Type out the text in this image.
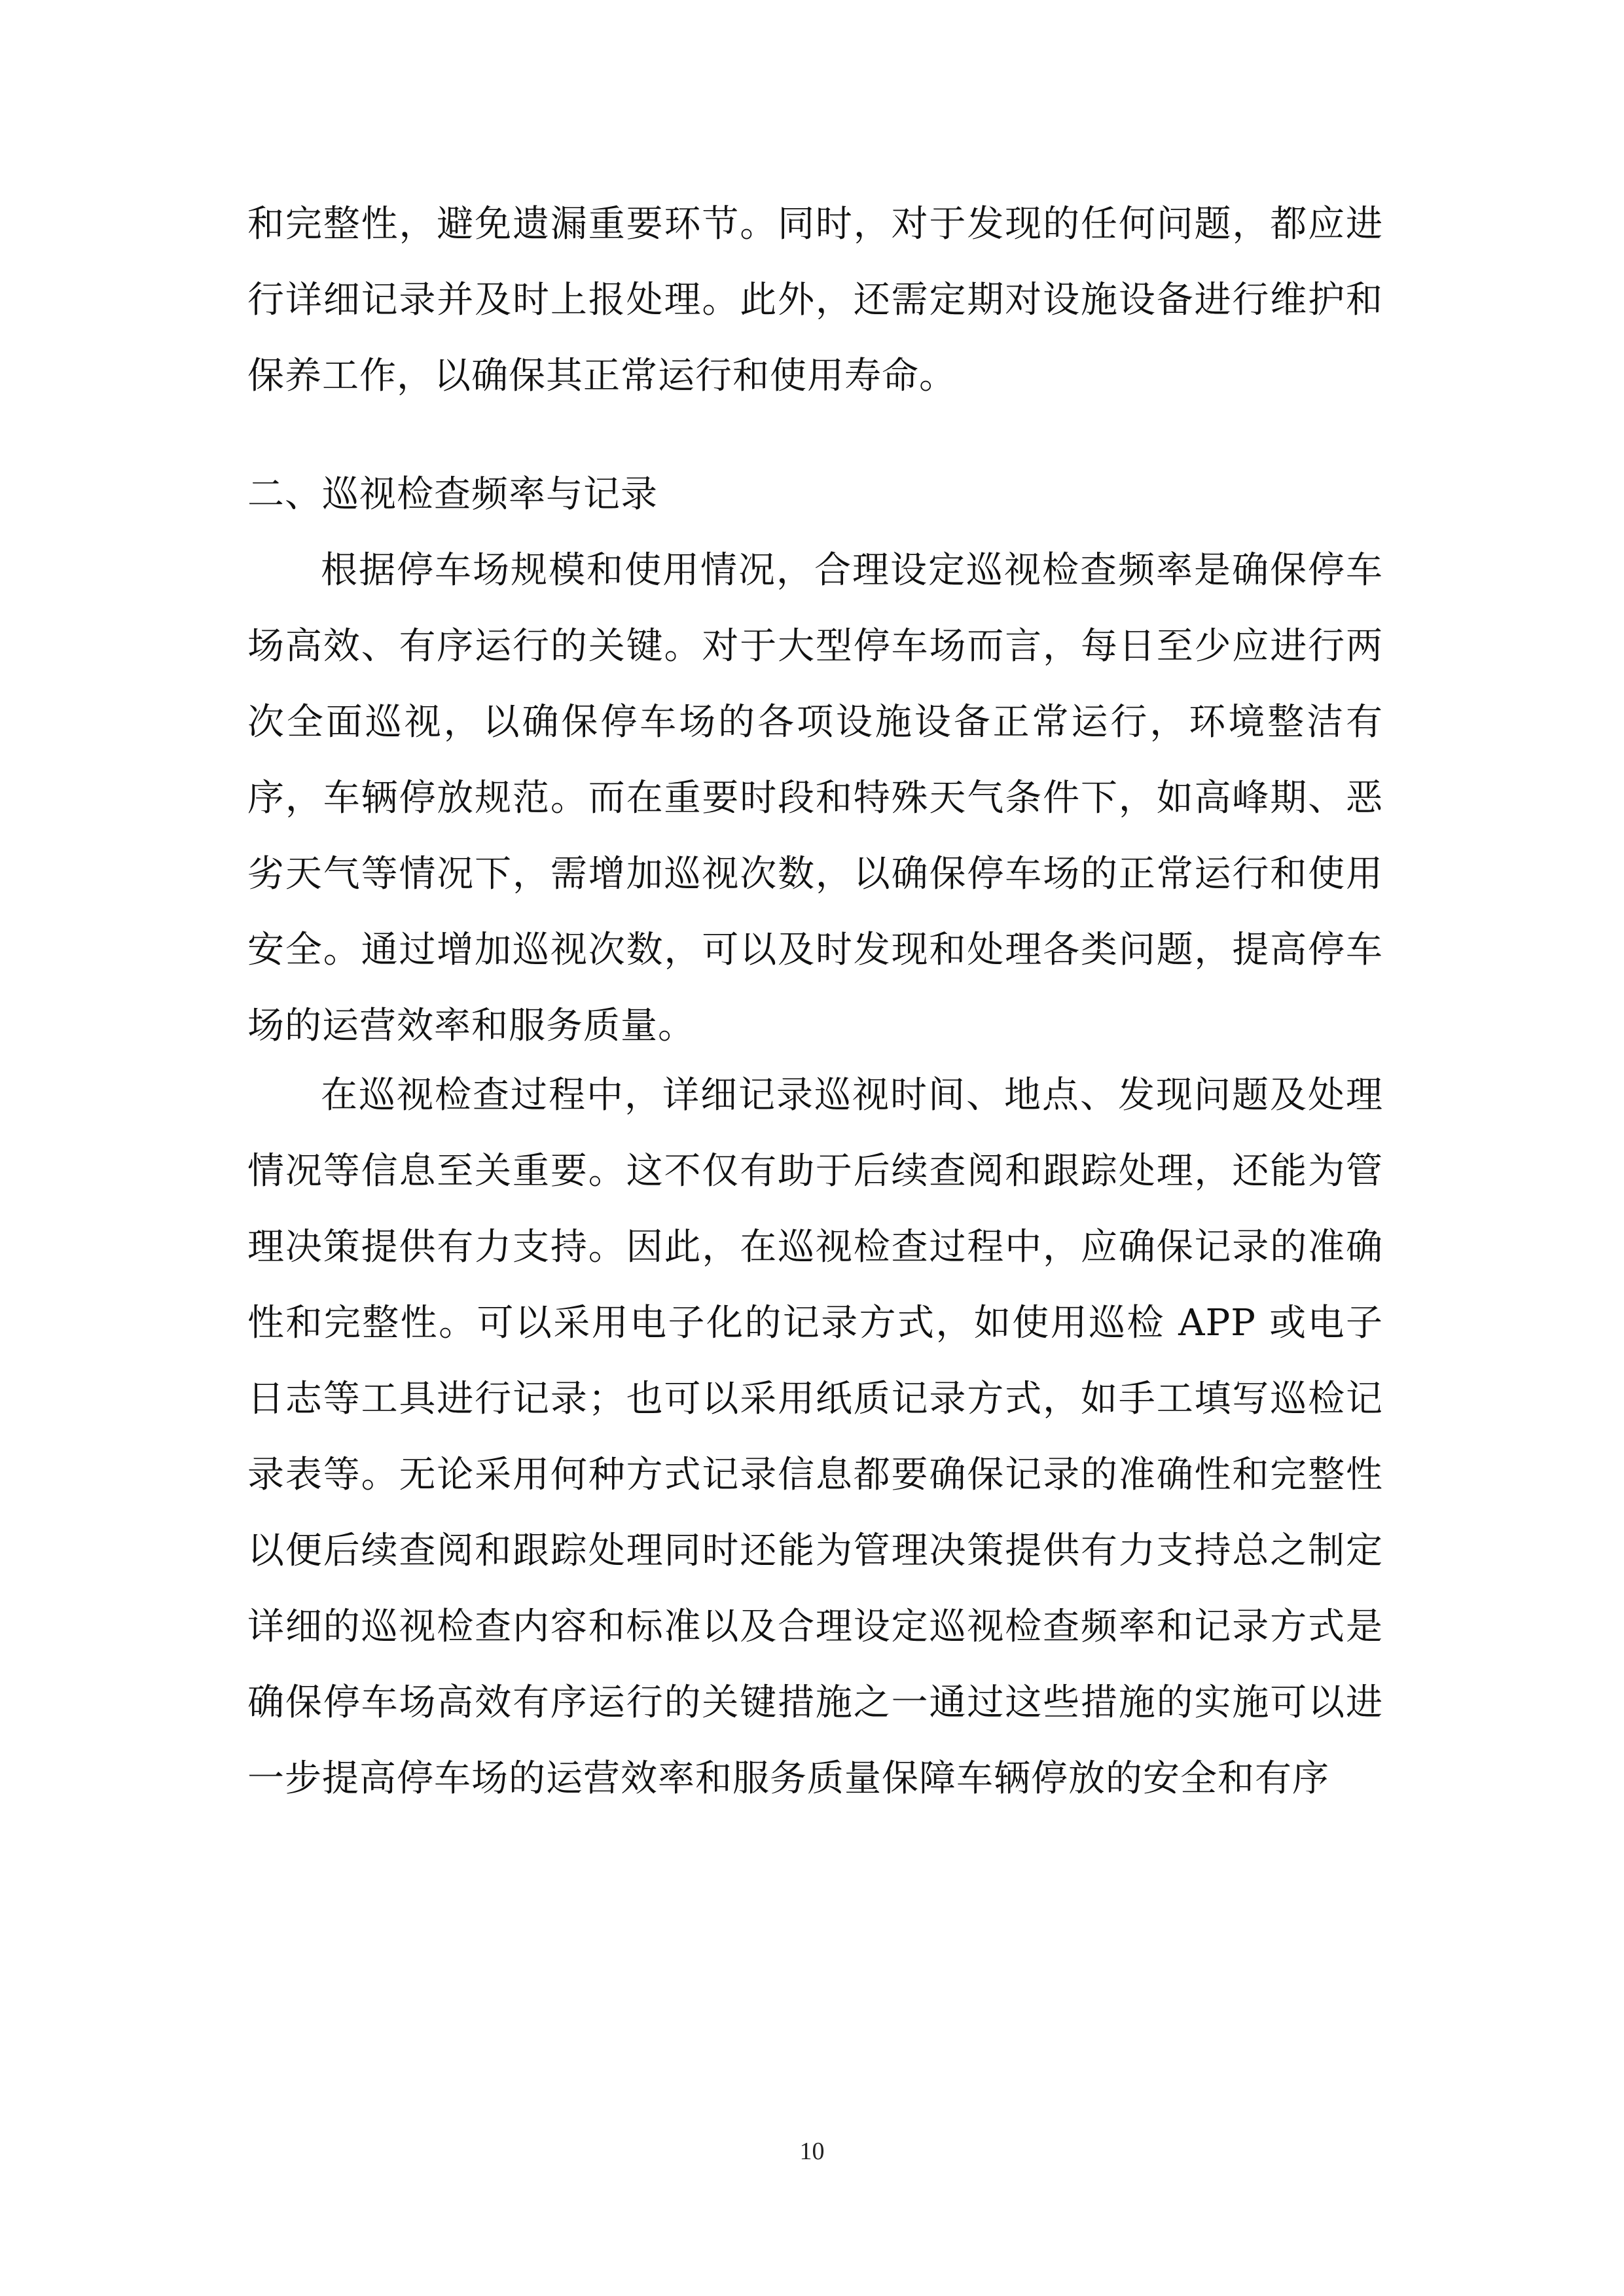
和完整性，避免遗漏重要环节。同时，对于发现的任何问题，都应进行详细记录并及时上报处理。此外，还需定期对设施设备进行维护和保养工作，以确保其正常运行和使用寿命。

二、巡视检查频率与记录

根据停车场规模和使用情况，合理设定巡视检查频率是确保停车场高效、有序运行的关键。对于大型停车场而言，每日至少应进行两次全面巡视，以确保停车场的各项设施设备正常运行，环境整洁有序，车辆停放规范。而在重要时段和特殊天气条件下，如高峰期、恶劣天气等情况下，需增加巡视次数，以确保停车场的正常运行和使用安全。通过增加巡视次数，可以及时发现和处理各类问题，提高停车场的运营效率和服务质量。

在巡视检查过程中，详细记录巡视时间、地点、发现问题及处理情况等信息至关重要。这不仅有助于后续查阅和跟踪处理，还能为管理决策提供有力支持。因此，在巡视检查过程中，应确保记录的准确性和完整性。可以采用电子化的记录方式，如使用巡检 APP 或电子日志等工具进行记录；也可以采用纸质记录方式，如手工填写巡检记录表等。无论采用何种方式记录信息都要确保记录的准确性和完整性以便后续查阅和跟踪处理同时还能为管理决策提供有力支持总之制定详细的巡视检查内容和标准以及合理设定巡视检查频率和记录方式是确保停车场高效有序运行的关键措施之一通过这些措施的实施可以进一步提高停车场的运营效率和服务质量保障车辆停放的安全和有序

10
